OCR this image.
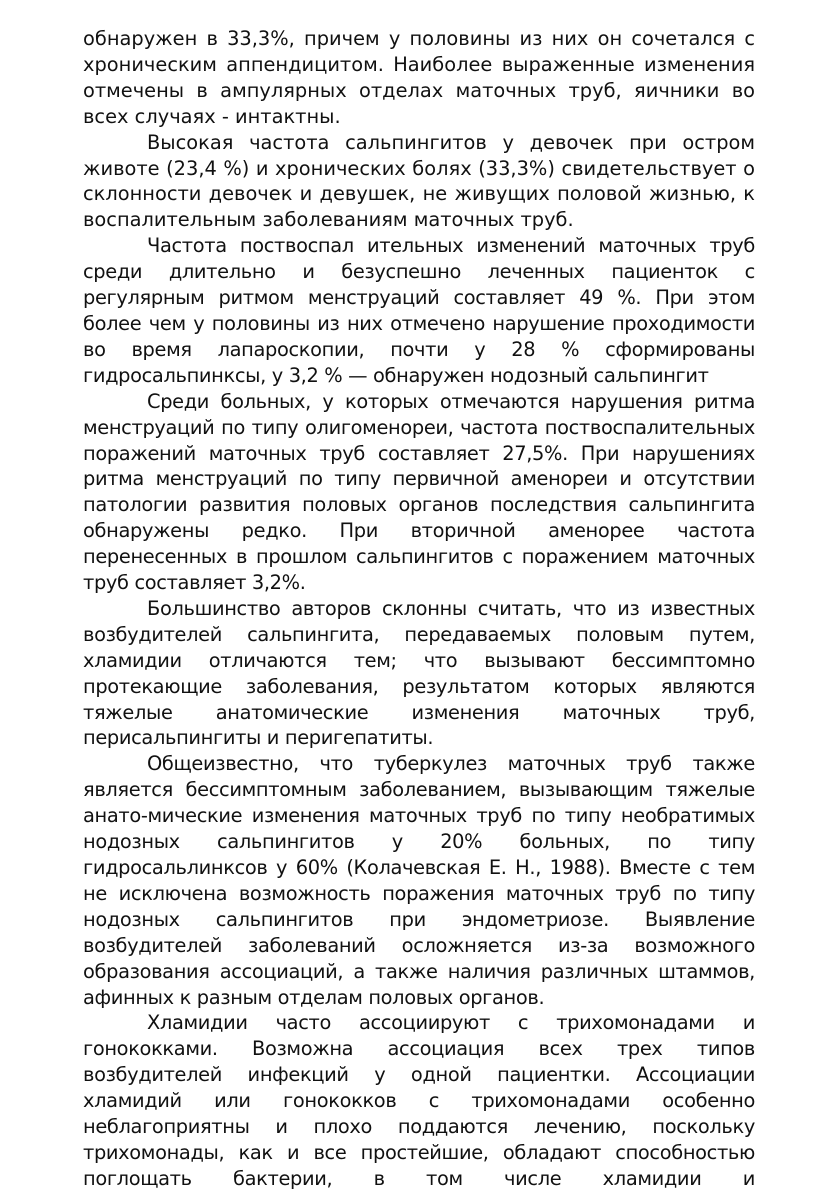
обнаружен в 33,3%, причем у половины из них он сочетался с хроническим аппендицитом. Наиболее выраженные изменения отмечены в ампулярных отделах маточных труб, яичники во всех случаях - интактны.

Высокая частота сальпингитов у девочек при остром животе (23,4 %) и хронических болях (33,3%) свидетельствует о склонности девочек и девушек, не живущих половой жизнью, к воспалительным заболеваниям маточных труб.

Частота поствоспал ительных изменений маточных труб среди длительно и безуспешно леченных пациенток с регулярным ритмом менструаций составляет 49 %. При этом более чем у половины из них отмечено нарушение проходимости во время лапароскопии, почти у 28 % сформированы гидросальпинксы, у 3,2 % — обнаружен нодозный сальпингит

Среди больных, у которых отмечаются нарушения ритма менструаций по типу олигоменореи, частота поствоспалительных поражений маточных труб составляет 27,5%. При нарушениях ритма менструаций по типу первичной аменореи и отсутствии патологии развития половых органов последствия сальпингита обнаружены редко. При вторичной аменорее частота перенесенных в прошлом сальпингитов с поражением маточных труб составляет 3,2%.

Большинство авторов склонны считать, что из известных возбудителей сальпингита, передаваемых половым путем, хламидии отличаются тем; что вызывают бессимптомно протекающие заболевания, результатом которых являются тяжелые анатомические изменения маточных труб, перисальпингиты и перигепатиты.

Общеизвестно, что туберкулез маточных труб также является бессимптомным заболеванием, вызывающим тяжелые анато-мические изменения маточных труб по типу необратимых нодозных сальпингитов у 20% больных, по типу гидросальлинксов у 60% (Колачевская Е. Н., 1988). Вместе с тем не исключена возможность поражения маточных труб по типу нодозных сальпингитов при эндометриозе. Выявление возбудителей заболеваний осложняется из-за возможного образования ассоциаций, а также наличия различных штаммов, афинных к разным отделам половых органов.

Хламидии часто ассоциируют с трихомонадами и гонококками. Возможна ассоциация всех трех типов возбудителей инфекций у одной пациентки. Ассоциации хламидий или гонококков с трихомонадами особенно неблагоприятны и плохо поддаются лечению, поскольку трихомонады, как и все простейшие, обладают способностью поглощать бактерии, в том числе хламидии и
